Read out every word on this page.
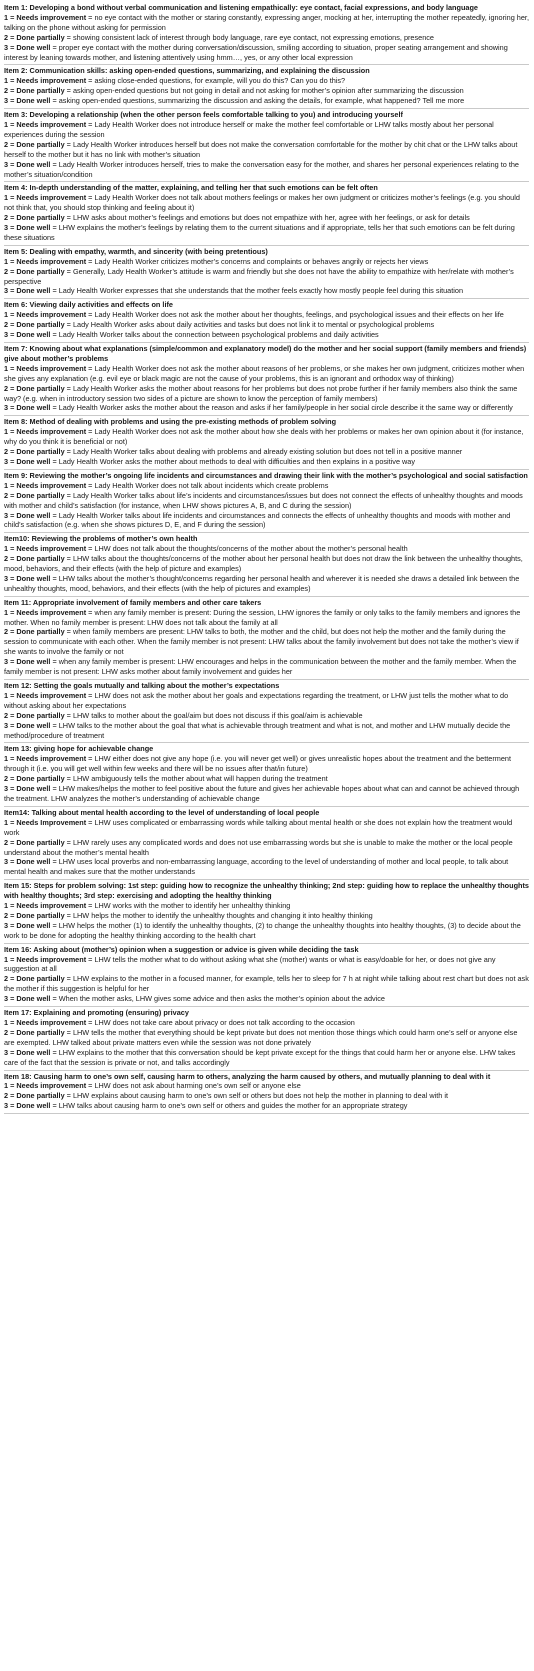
Item 1: Developing a bond without verbal communication and listening empathically: eye contact, facial expressions, and body language

1 = Needs improvement = no eye contact with the mother or staring constantly, expressing anger, mocking at her, interrupting the mother repeatedly, ignoring her, talking on the phone without asking for permission

2 = Done partially = showing consistent lack of interest through body language, rare eye contact, not expressing emotions, presence

3 = Done well = proper eye contact with the mother during conversation/discussion, smiling according to situation, proper seating arrangement and showing interest by leaning towards mother, and listening attentively using hmm…, yes, or any other local expression

Item 2: Communication skills: asking open-ended questions, summarizing, and explaining the discussion

1 = Needs improvement = asking close-ended questions, for example, will you do this? Can you do this?

2 = Done partially = asking open-ended questions but not going in detail and not asking for mother’s opinion after summarizing the discussion

3 = Done well = asking open-ended questions, summarizing the discussion and asking the details, for example, what happened? Tell me more

Item 3: Developing a relationship (when the other person feels comfortable talking to you) and introducing yourself

1 = Needs improvement = Lady Health Worker does not introduce herself or make the mother feel comfortable or LHW talks mostly about her personal experiences during the session

2 = Done partially = Lady Health Worker introduces herself but does not make the conversation comfortable for the mother by chit chat or the LHW talks about herself to the mother but it has no link with mother’s situation

3 = Done well = Lady Health Worker introduces herself, tries to make the conversation easy for the mother, and shares her personal experiences relating to the mother’s situation/condition

Item 4: In-depth understanding of the matter, explaining, and telling her that such emotions can be felt often

1 = Needs improvement = Lady Health Worker does not talk about mothers feelings or makes her own judgment or criticizes mother’s feelings (e.g. you should not think that, you should stop thinking and feeling about it)

2 = Done partially = LHW asks about mother’s feelings and emotions but does not empathize with her, agree with her feelings, or ask for details

3 = Done well = LHW explains the mother’s feelings by relating them to the current situations and if appropriate, tells her that such emotions can be felt during these situations

Item 5: Dealing with empathy, warmth, and sincerity (with being pretentious)

1 = Needs improvement = Lady Health Worker criticizes mother’s concerns and complaints or behaves angrily or rejects her views

2 = Done partially = Generally, Lady Health Worker’s attitude is warm and friendly but she does not have the ability to empathize with her/relate with mother’s perspective

3 = Done well = Lady Health Worker expresses that she understands that the mother feels exactly how mostly people feel during this situation

Item 6: Viewing daily activities and effects on life

1 = Needs improvement = Lady Health Worker does not ask the mother about her thoughts, feelings, and psychological issues and their effects on her life

2 = Done partially = Lady Health Worker asks about daily activities and tasks but does not link it to mental or psychological problems

3 = Done well = Lady Health Worker talks about the connection between psychological problems and daily activities

Item 7: Knowing about what explanations (simple/common and explanatory model) do the mother and her social support (family members and friends) give about mother’s problems

1 = Needs improvement = Lady Health Worker does not ask the mother about reasons of her problems, or she makes her own judgment, criticizes mother when she gives any explanation (e.g. evil eye or black magic are not the cause of your problems, this is an ignorant and orthodox way of thinking)

2 = Done partially = Lady Health Worker asks the mother about reasons for her problems but does not probe further if her family members also think the same way? (e.g. when in introductory session two sides of a picture are shown to know the perception of family members)

3 = Done well = Lady Health Worker asks the mother about the reason and asks if her family/people in her social circle describe it the same way or differently

Item 8: Method of dealing with problems and using the pre-existing methods of problem solving

1 = Needs improvement = Lady Health Worker does not ask the mother about how she deals with her problems or makes her own opinion about it (for instance, why do you think it is beneficial or not)

2 = Done partially = Lady Health Worker talks about dealing with problems and already existing solution but does not tell in a positive manner

3 = Done well = Lady Health Worker asks the mother about methods to deal with difficulties and then explains in a positive way

Item 9: Reviewing the mother’s ongoing life incidents and circumstances and drawing their link with the mother’s psychological and social satisfaction

1 = Needs improvement = Lady Health Worker does not talk about incidents which create problems

2 = Done partially = Lady Health Worker talks about life’s incidents and circumstances/issues but does not connect the effects of unhealthy thoughts and moods with mother and child’s satisfaction (for instance, when LHW shows pictures A, B, and C during the session)

3 = Done well = Lady Health Worker talks about life incidents and circumstances and connects the effects of unhealthy thoughts and moods with mother and child’s satisfaction (e.g. when she shows pictures D, E, and F during the session)

Item10: Reviewing the problems of mother’s own health

1 = Needs improvement = LHW does not talk about the thoughts/concerns of the mother about the mother’s personal health

2 = Done partially = LHW talks about the thoughts/concerns of the mother about her personal health but does not draw the link between the unhealthy thoughts, mood, behaviors, and their effects (with the help of picture and examples)

3 = Done well = LHW talks about the mother’s thought/concerns regarding her personal health and wherever it is needed she draws a detailed link between the unhealthy thoughts, mood, behaviors, and their effects (with the help of pictures and examples)

Item 11: Appropriate involvement of family members and other care takers

1 = Needs improvement = when any family member is present: During the session, LHW ignores the family or only talks to the family members and ignores the mother. When no family member is present: LHW does not talk about the family at all

2 = Done partially = when family members are present: LHW talks to both, the mother and the child, but does not help the mother and the family during the session to communicate with each other. When the family member is not present: LHW talks about the family involvement but does not take the mother’s view if she wants to involve the family or not

3 = Done well = when any family member is present: LHW encourages and helps in the communication between the mother and the family member. When the family member is not present: LHW asks mother about family involvement and guides her

Item 12: Setting the goals mutually and talking about the mother’s expectations

1 = Needs improvement = LHW does not ask the mother about her goals and expectations regarding the treatment, or LHW just tells the mother what to do without asking about her expectations

2 = Done partially = LHW talks to mother about the goal/aim but does not discuss if this goal/aim is achievable

3 = Done well = LHW talks to the mother about the goal that what is achievable through treatment and what is not, and mother and LHW mutually decide the method/procedure of treatment

Item 13: giving hope for achievable change

1 = Needs improvement = LHW either does not give any hope (i.e. you will never get well) or gives unrealistic hopes about the treatment and the betterment through it (i.e. you will get well within few weeks and there will be no issues after that/in future)

2 = Done partially = LHW ambiguously tells the mother about what will happen during the treatment

3 = Done well = LHW makes/helps the mother to feel positive about the future and gives her achievable hopes about what can and cannot be achieved through the treatment. LHW analyzes the mother’s understanding of achievable change

Item14: Talking about mental health according to the level of understanding of local people

1 = Needs Improvement = LHW uses complicated or embarrassing words while talking about mental health or she does not explain how the treatment would work

2 = Done partially = LHW rarely uses any complicated words and does not use embarrassing words but she is unable to make the mother or the local people understand about the mother’s mental health

3 = Done well = LHW uses local proverbs and non-embarrassing language, according to the level of understanding of mother and local people, to talk about mental health and makes sure that the mother understands

Item 15: Steps for problem solving: 1st step: guiding how to recognize the unhealthy thinking; 2nd step: guiding how to replace the unhealthy thoughts with healthy thoughts; 3rd step: exercising and adopting the healthy thinking

1 = Needs improvement = LHW works with the mother to identify her unhealthy thinking

2 = Done partially = LHW helps the mother to identify the unhealthy thoughts and changing it into healthy thinking

3 = Done well = LHW helps the mother (1) to identify the unhealthy thoughts, (2) to change the unhealthy thoughts into healthy thoughts, (3) to decide about the work to be done for adopting the healthy thinking according to the health chart

Item 16: Asking about (mother’s) opinion when a suggestion or advice is given while deciding the task

1 = Needs improvement = LHW tells the mother what to do without asking what she (mother) wants or what is easy/doable for her, or does not give any suggestion at all

2 = Done partially = LHW explains to the mother in a focused manner, for example, tells her to sleep for 7 h at night while talking about rest chart but does not ask the mother if this suggestion is helpful for her

3 = Done well = When the mother asks, LHW gives some advice and then asks the mother’s opinion about the advice

Item 17: Explaining and promoting (ensuring) privacy

1 = Needs improvement = LHW does not take care about privacy or does not talk according to the occasion

2 = Done partially = LHW tells the mother that everything should be kept private but does not mention those things which could harm one’s self or anyone else are exempted. LHW talked about private matters even while the session was not done privately

3 = Done well = LHW explains to the mother that this conversation should be kept private except for the things that could harm her or anyone else. LHW takes care of the fact that the session is private or not, and talks accordingly

Item 18: Causing harm to one’s own self, causing harm to others, analyzing the harm caused by others, and mutually planning to deal with it

1 = Needs improvement = LHW does not ask about harming one’s own self or anyone else

2 = Done partially = LHW explains about causing harm to one’s own self or others but does not help the mother in planning to deal with it

3 = Done well = LHW talks about causing harm to one’s own self or others and guides the mother for an appropriate strategy
